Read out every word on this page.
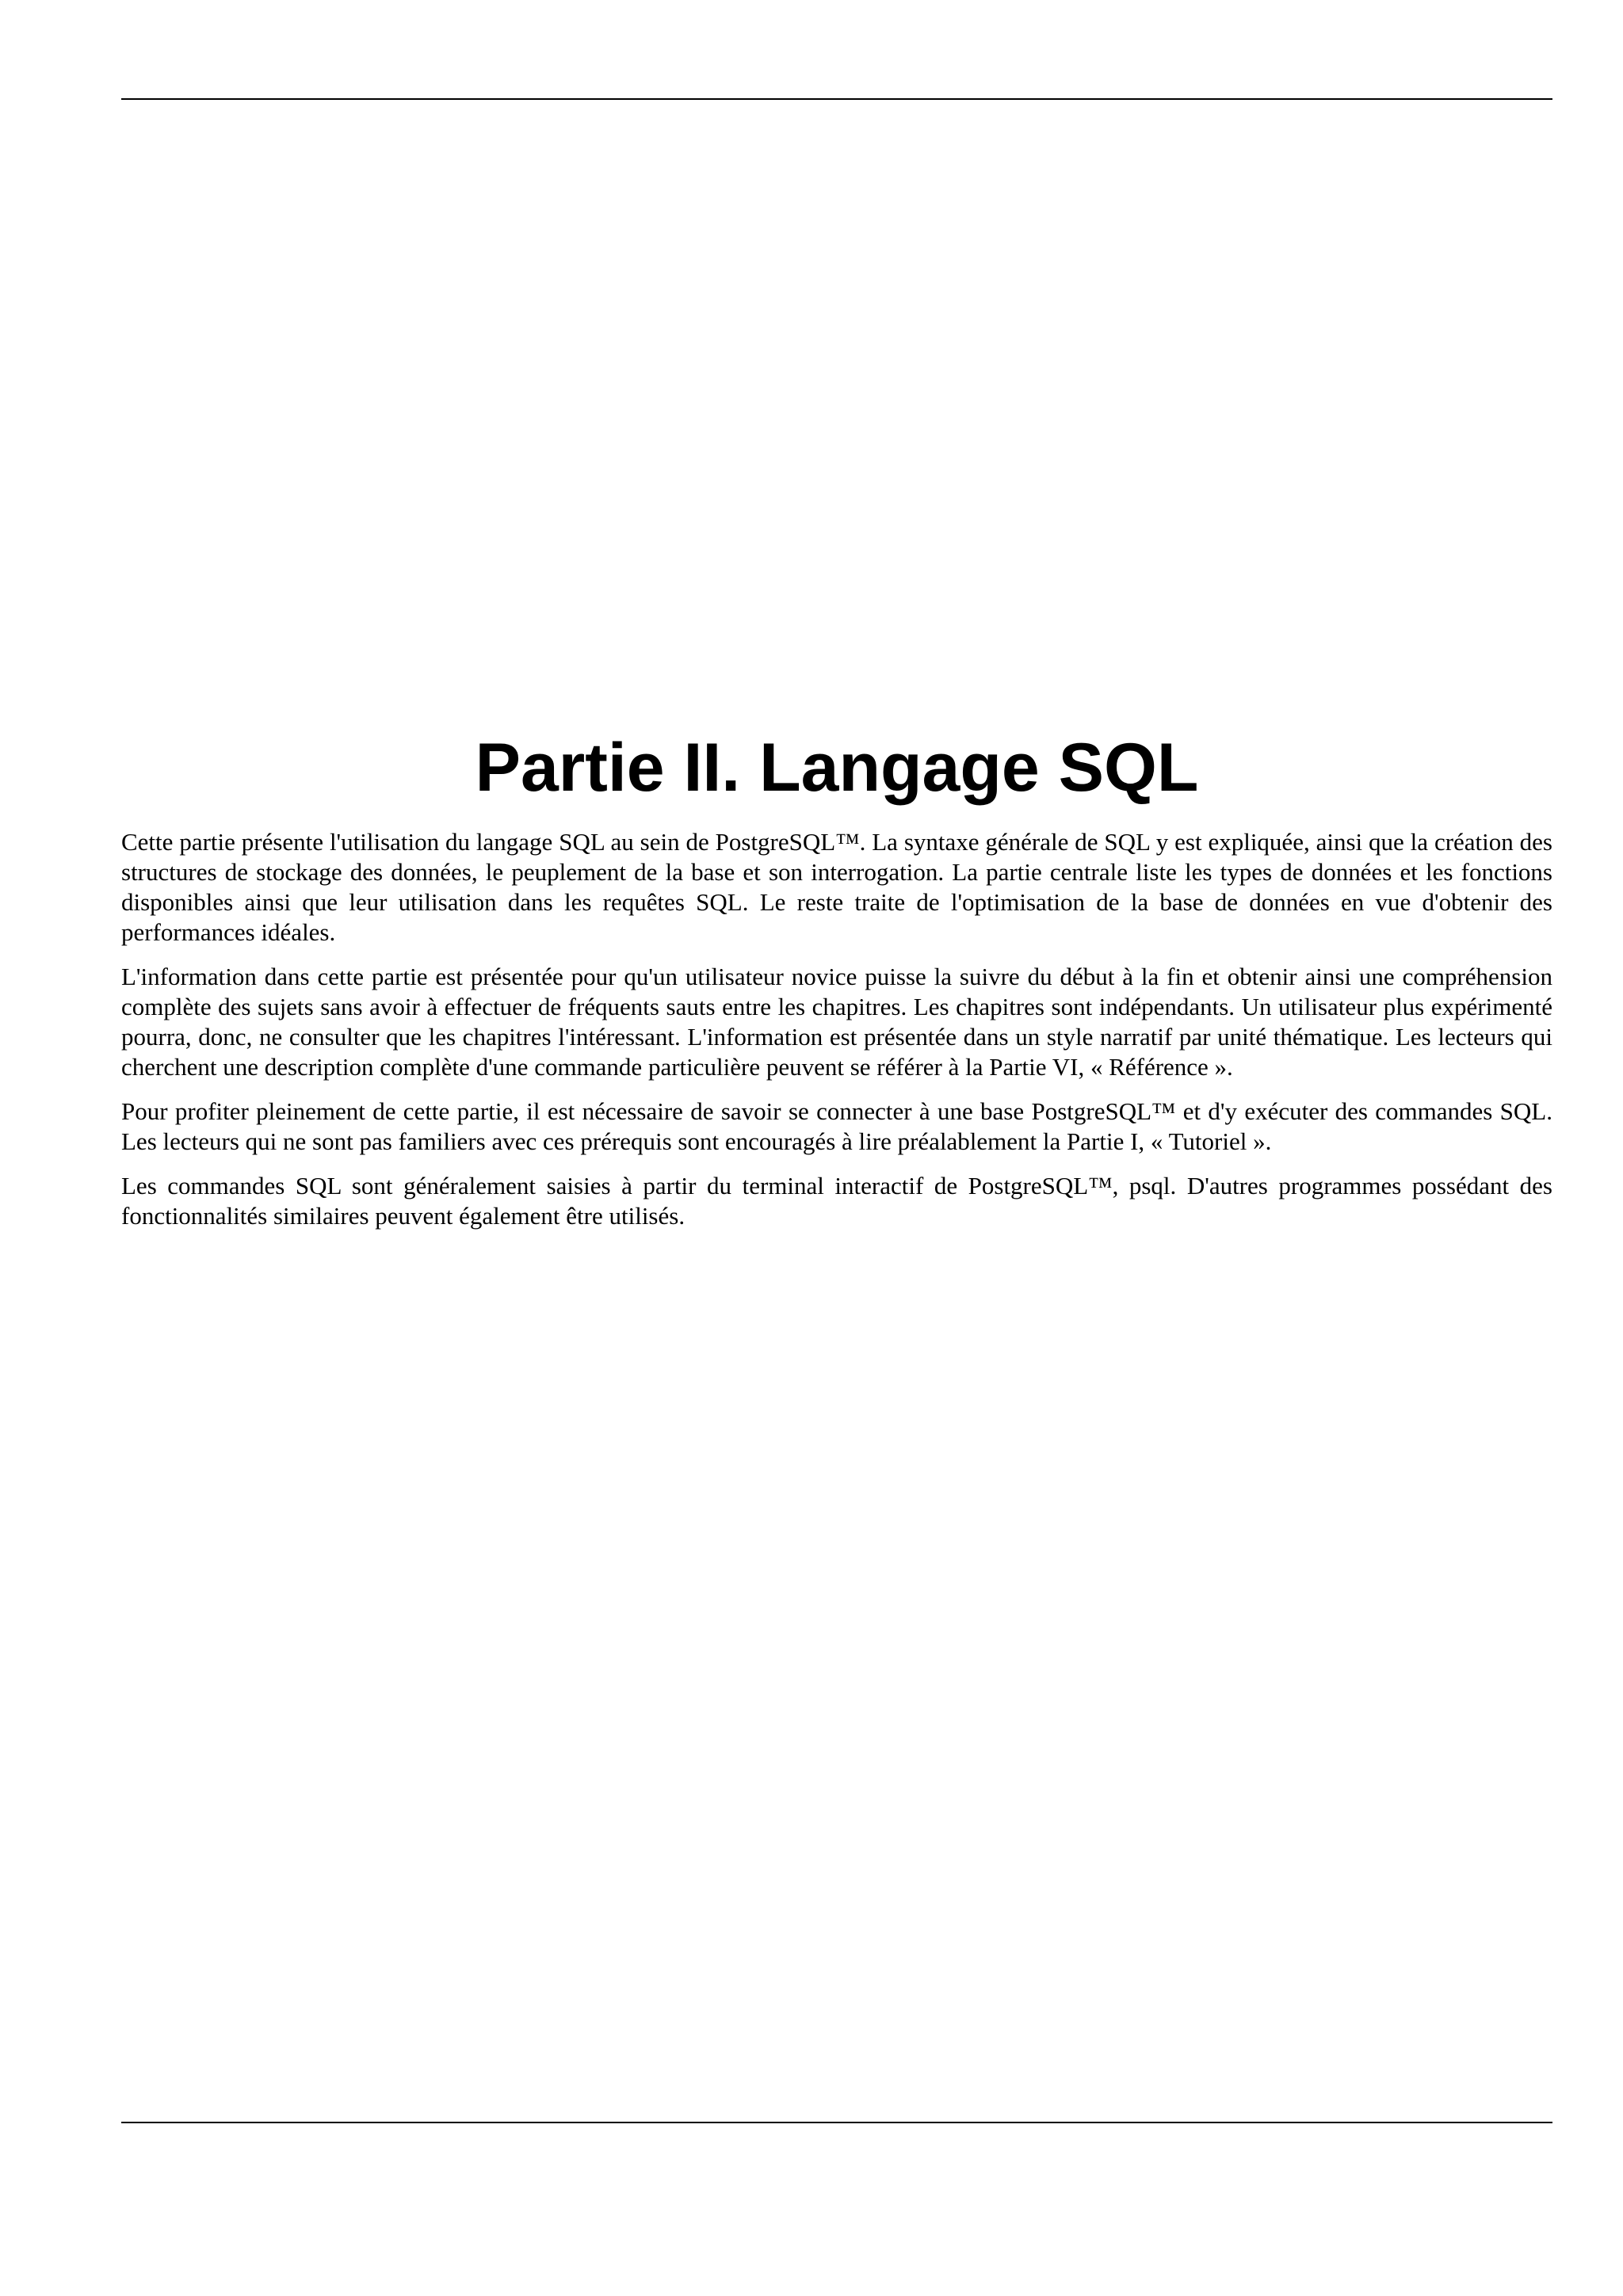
Partie II. Langage SQL

Cette partie présente l'utilisation du langage SQL au sein de PostgreSQL™. La syntaxe générale de SQL y est expliquée, ainsi que la création des structures de stockage des données, le peuplement de la base et son interrogation. La partie centrale liste les types de données et les fonctions disponibles ainsi que leur utilisation dans les requêtes SQL. Le reste traite de l'optimisation de la base de données en vue d'obtenir des performances idéales.

L'information dans cette partie est présentée pour qu'un utilisateur novice puisse la suivre du début à la fin et obtenir ainsi une compréhension complète des sujets sans avoir à effectuer de fréquents sauts entre les chapitres. Les chapitres sont indépendants. Un utilisateur plus expérimenté pourra, donc, ne consulter que les chapitres l'intéressant. L'information est présentée dans un style narratif par unité thématique. Les lecteurs qui cherchent une description complète d'une commande particulière peuvent se référer à la Partie VI, « Référence ».

Pour profiter pleinement de cette partie, il est nécessaire de savoir se connecter à une base PostgreSQL™ et d'y exécuter des commandes SQL. Les lecteurs qui ne sont pas familiers avec ces prérequis sont encouragés à lire préalablement la Partie I, « Tutoriel ».

Les commandes SQL sont généralement saisies à partir du terminal interactif de PostgreSQL™, psql. D'autres programmes possédant des fonctionnalités similaires peuvent également être utilisés.
